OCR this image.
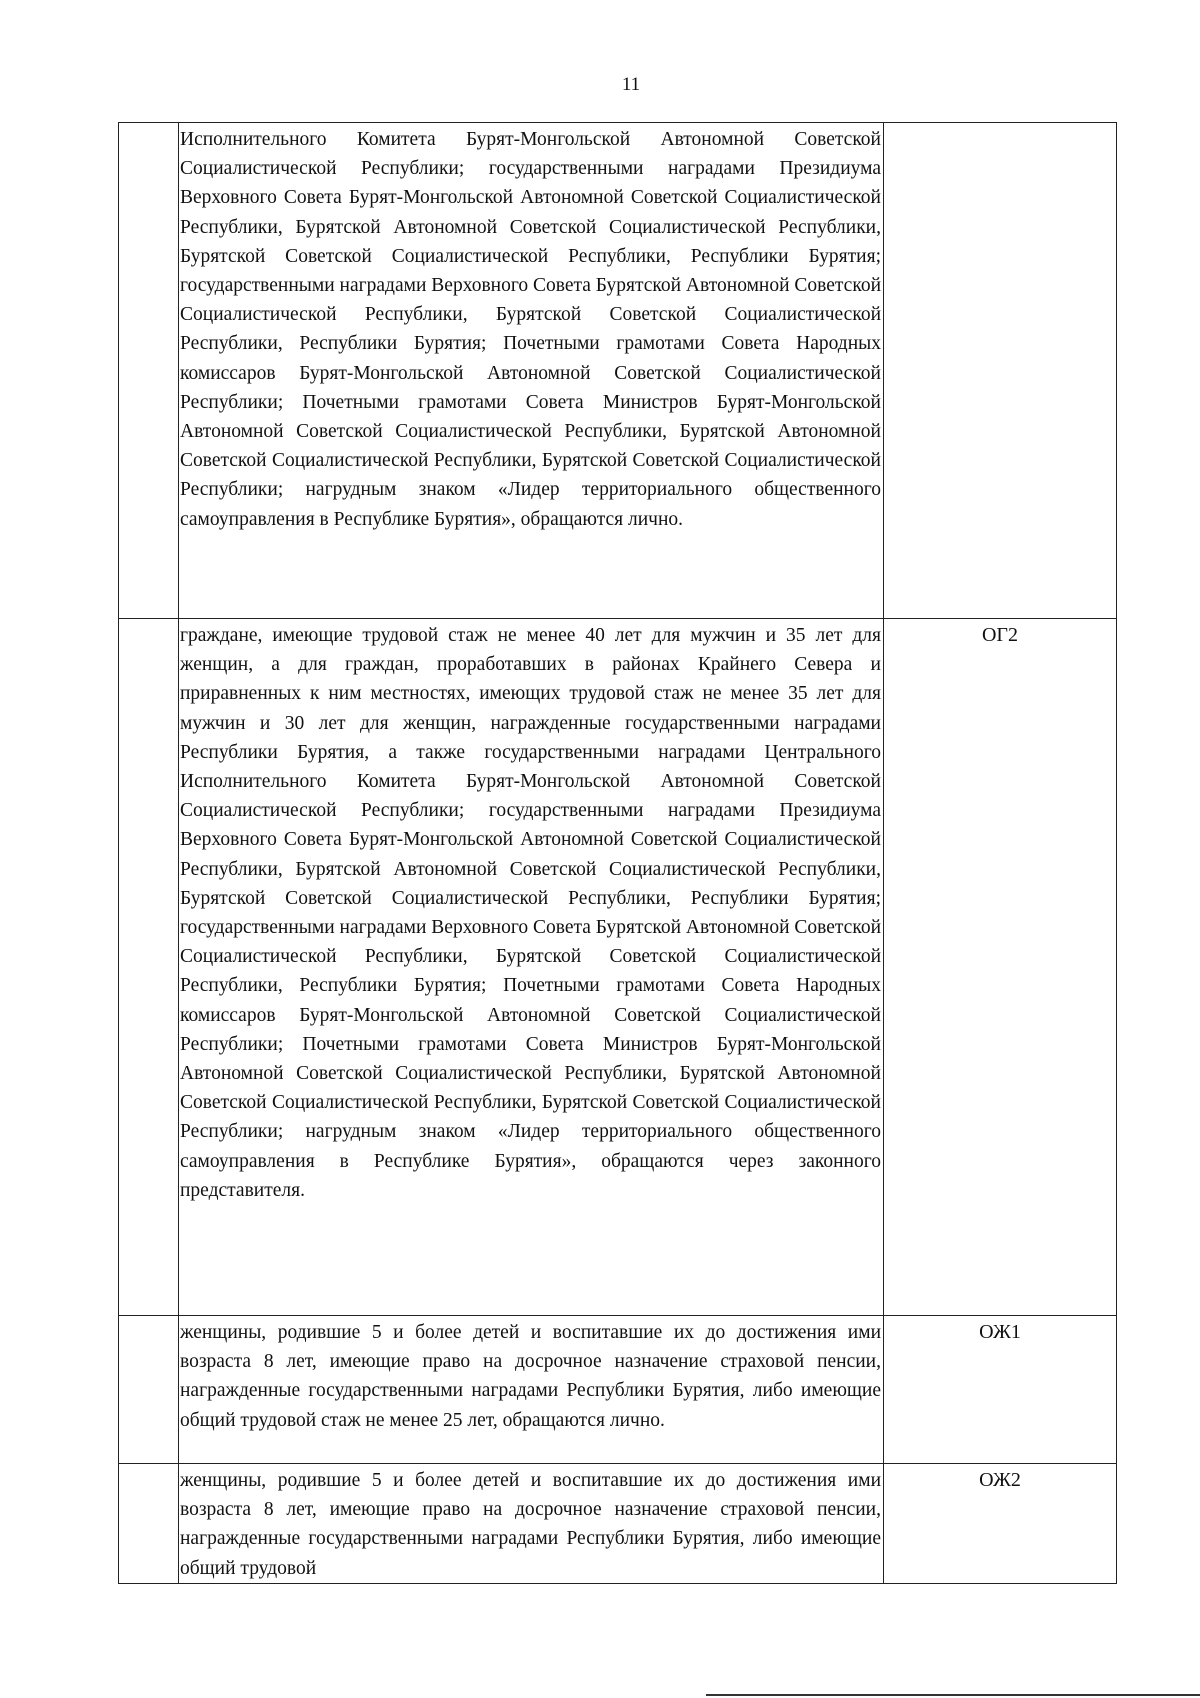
11

	Исполнительного Комитета Бурят-Монгольской Автономной Советской Социалистической Республики; государственными наградами Президиума Верховного Совета Бурят-Монгольской Автономной Советской Социалистической Республики, Бурятской Автономной Советской Социалистической Республики, Бурятской Советской Социалистической Республики, Республики Бурятия; государственными наградами Верховного Совета Бурятской Автономной Советской Социалистической Республики, Бурятской Советской Социалистической Республики, Республики Бурятия; Почетными грамотами Совета Народных комиссаров Бурят-Монгольской Автономной Советской Социалистической Республики; Почетными грамотами Совета Министров Бурят-Монгольской Автономной Советской Социалистической Республики, Бурятской Автономной Советской Социалистической Республики, Бурятской Советской Социалистической Республики; нагрудным знаком «Лидер территориального общественного самоуправления в Республике Бурятия», обращаются лично.	

	граждане, имеющие трудовой стаж не менее 40 лет для мужчин и 35 лет для женщин, а для граждан, проработавших в районах Крайнего Севера и приравненных к ним местностях, имеющих трудовой стаж не менее 35 лет для мужчин и 30 лет для женщин, награжденные государственными наградами Республики Бурятия, а также государственными наградами Центрального Исполнительного Комитета Бурят-Монгольской Автономной Советской Социалистической Республики; государственными наградами Президиума Верховного Совета Бурят-Монгольской Автономной Советской Социалистической Республики, Бурятской Автономной Советской Социалистической Республики, Бурятской Советской Социалистической Республики, Республики Бурятия; государственными наградами Верховного Совета Бурятской Автономной Советской Социалистической Республики, Бурятской Советской Социалистической Республики, Республики Бурятия; Почетными грамотами Совета Народных комиссаров Бурят-Монгольской Автономной Советской Социалистической Республики; Почетными грамотами Совета Министров Бурят-Монгольской Автономной Советской Социалистической Республики, Бурятской Автономной Советской Социалистической Республики, Бурятской Советской Социалистической Республики; нагрудным знаком «Лидер территориального общественного самоуправления в Республике Бурятия», обращаются через законного представителя.	ОГ2

	женщины, родившие 5 и более детей и воспитавшие их до достижения ими возраста 8 лет, имеющие право на досрочное назначение страховой пенсии, награжденные государственными наградами Республики Бурятия, либо имеющие общий трудовой стаж не менее 25 лет, обращаются лично.	ОЖ1

	женщины, родившие 5 и более детей и воспитавшие их до достижения ими возраста 8 лет, имеющие право на досрочное назначение страховой пенсии, награжденные государственными наградами Республики Бурятия, либо имеющие общий трудовой	ОЖ2
